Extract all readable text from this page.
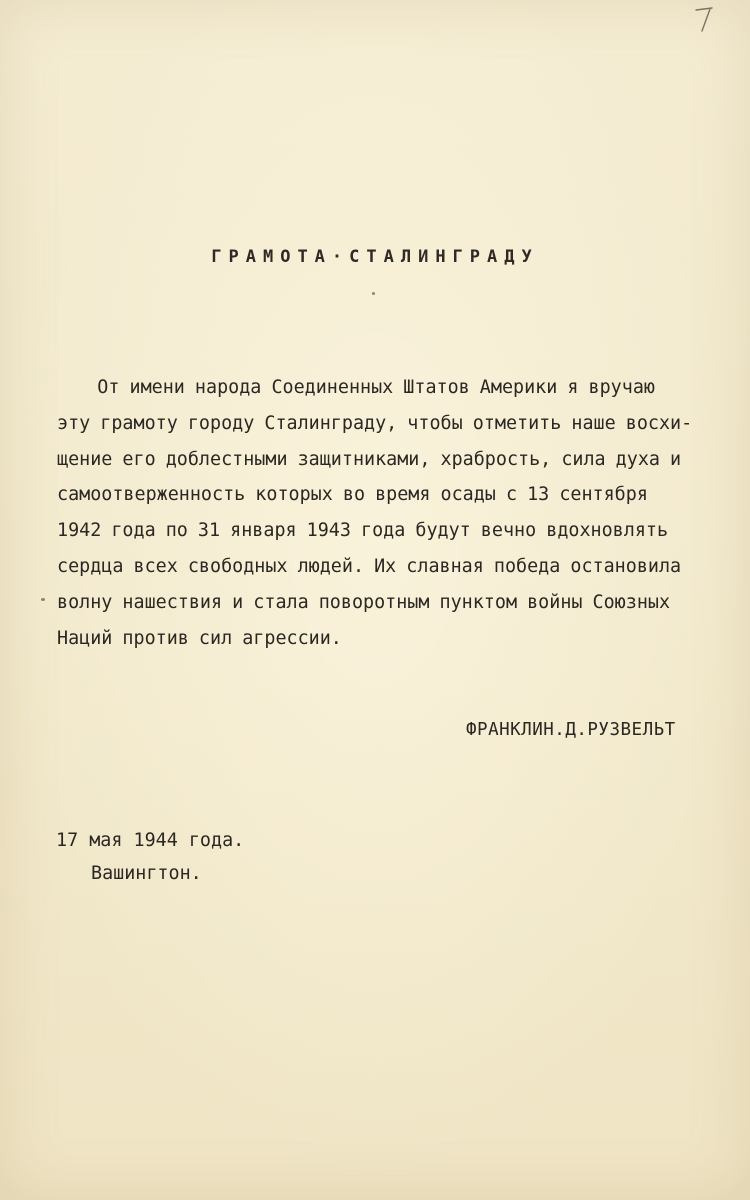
ГРАМОТА·СТАЛИНГРАДУ
От имени народа Соединенных Штатов Америки я вручаю
эту грамоту городу Сталинграду, чтобы отметить наше восхи-
щение его доблестными защитниками, храбрость, сила духа и
самоотверженность которых во время осады с 13 сентября
1942 года по 31 января 1943 года будут вечно вдохновлять
сердца всех свободных людей. Их славная победа остановила
волну нашествия и стала поворотным пунктом войны Союзных
Наций против сил агрессии.
ФРАНКЛИН.Д.РУЗВЕЛЬТ
17 мая 1944 года.
Вашингтон.
